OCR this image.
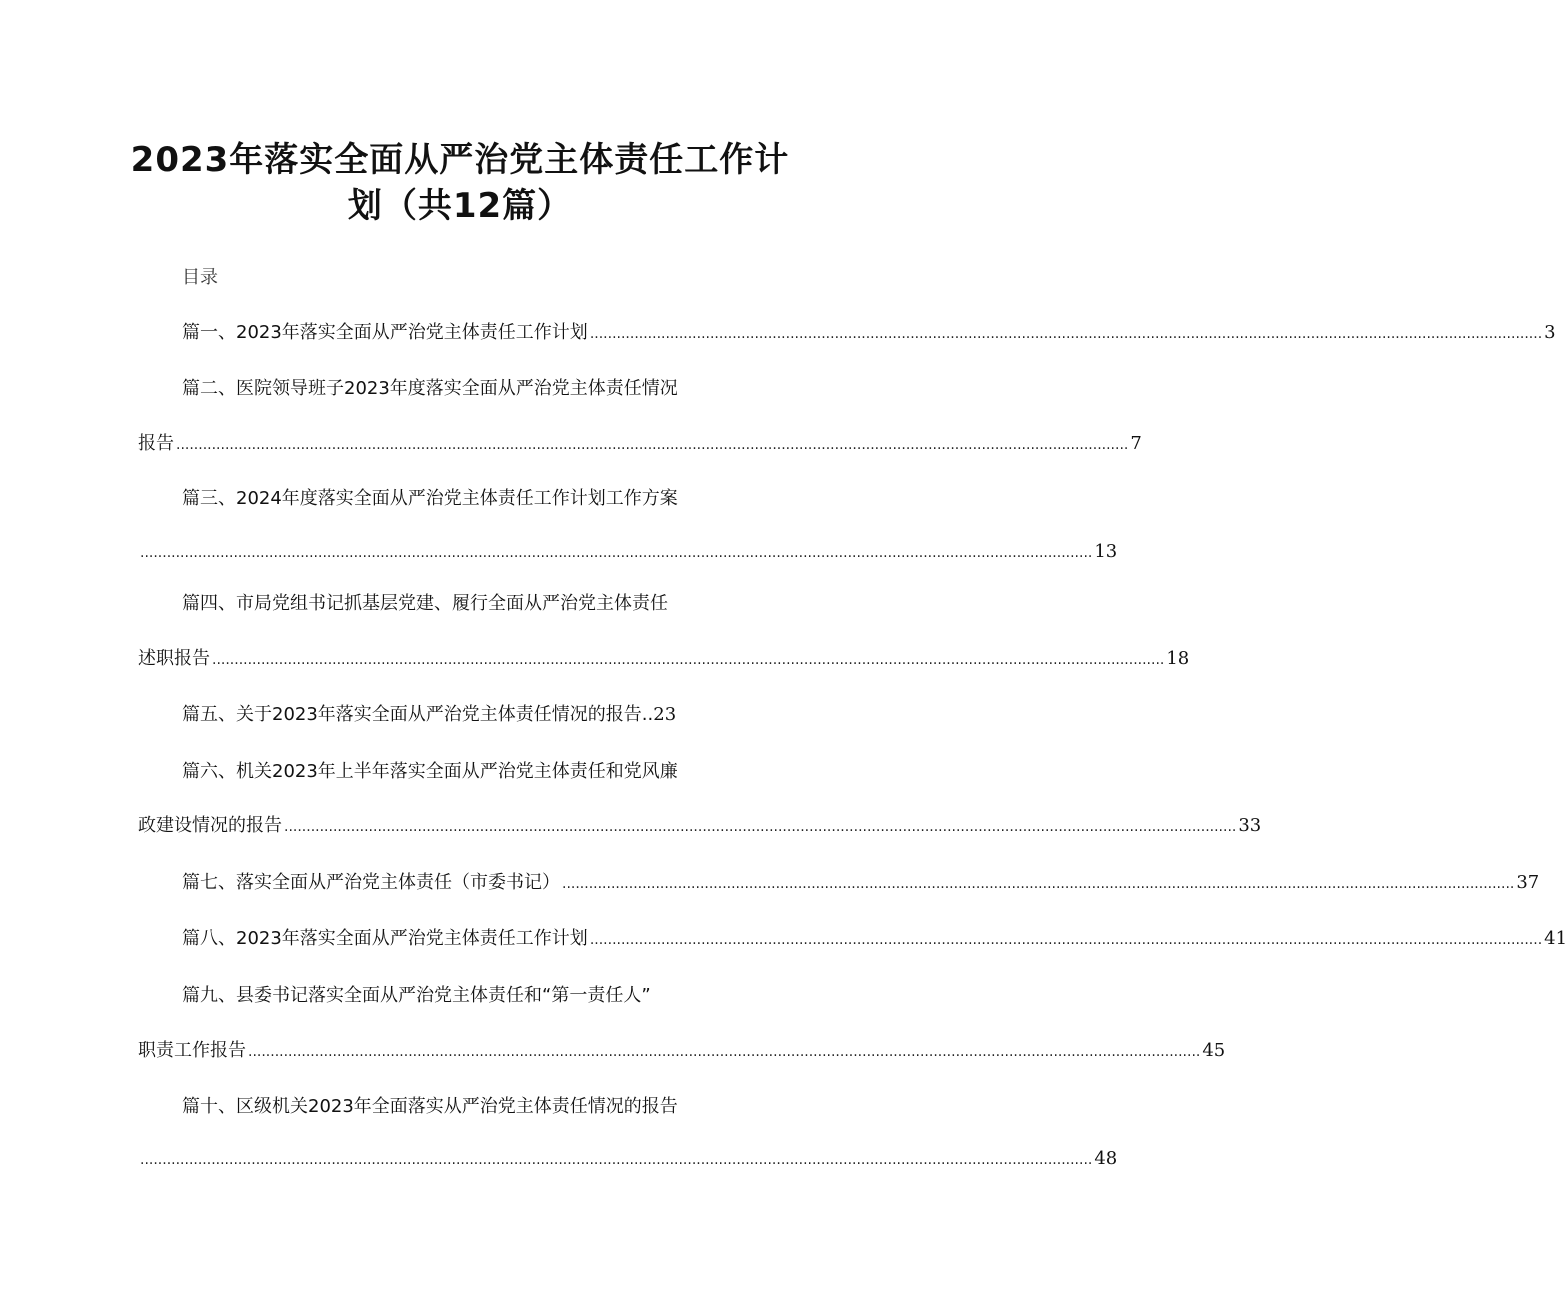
2023年落实全面从严治党主体责任工作计
划（共12篇）
目录
篇一、2023年落实全面从严治党主体责任工作计划 ...................................................................................................................................................................................................................... 3
篇二、医院领导班子2023年度落实全面从严治党主体责任情况
报告 ...................................................................................................................................................................................................................... 7
篇三、2024年度落实全面从严治党主体责任工作计划工作方案
...................................................................................................................................................................................................................... 13
篇四、市局党组书记抓基层党建、履行全面从严治党主体责任
述职报告 ...................................................................................................................................................................................................................... 18
篇五、关于2023年落实全面从严治党主体责任情况的报告.. 23
篇六、机关2023年上半年落实全面从严治党主体责任和党风廉
政建设情况的报告 ...................................................................................................................................................................................................................... 33
篇七、落实全面从严治党主体责任（市委书记） ...................................................................................................................................................................................................................... 37
篇八、2023年落实全面从严治党主体责任工作计划 ...................................................................................................................................................................................................................... 41
篇九、县委书记落实全面从严治党主体责任和“第一责任人”
职责工作报告 ...................................................................................................................................................................................................................... 45
篇十、区级机关2023年全面落实从严治党主体责任情况的报告
...................................................................................................................................................................................................................... 48
